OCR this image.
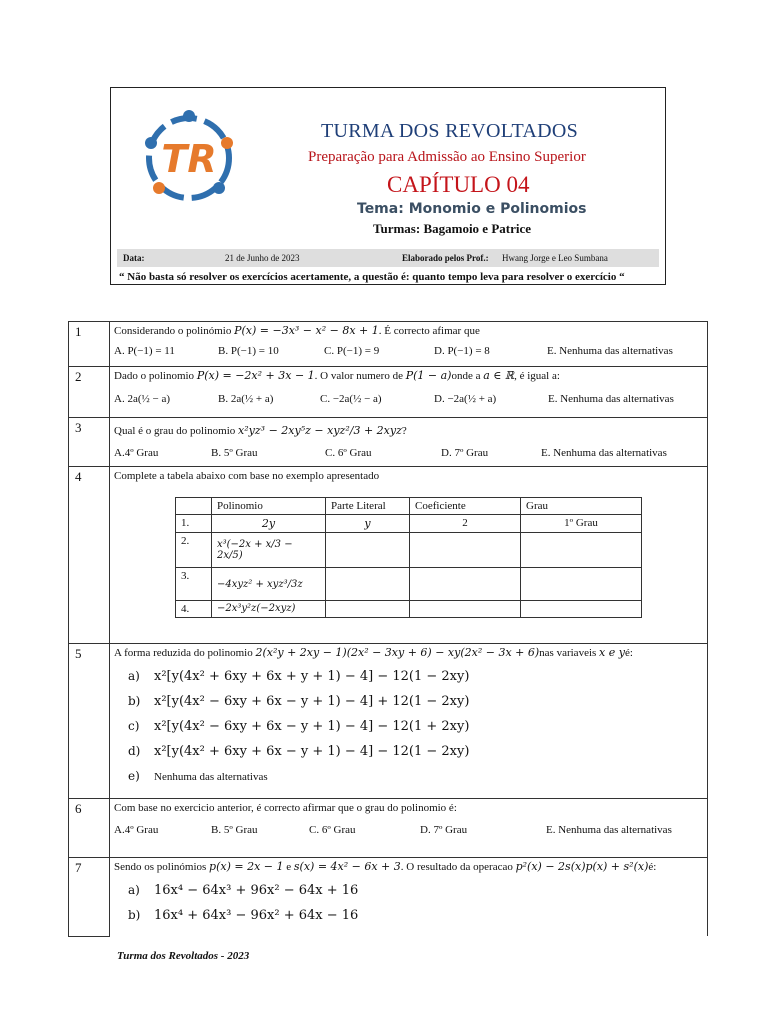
TR
TURMA DOS REVOLTADOS
Preparação para Admissão ao Ensino Superior
CAPÍTULO 04
Tema: Monomio e Polinomios
Turmas: Bagamoio e Patrice
Data:	21 de Junho de 2023	Elaborado pelos Prof.: Hwang Jorge e Leo Sumbana
“ Não basta só resolver os exercícios acertamente, a questão é: quanto tempo leva para resolver o exercício “
1	Considerando o polinómio P(x) = −3x³ − x² − 8x + 1. É correcto afimar que
A. P(−1) = 11	B. P(−1) = 10	C. P(−1) = 9	D. P(−1) = 8	E. Nenhuma das alternativas

2	Dado o polinomio P(x) = −2x² + 3x − 1. O valor numero de P(1 − a)onde a a ∈ ℝ, é igual a:
A. 2a(½ − a)	B. 2a(½ + a)	C. −2a(½ − a)	D. −2a(½ + a)	E. Nenhuma das alternativas

3	Qual é o grau do polinomio x²yz³ − 2xy⁵z − xyz²/3 + 2xyz?
A.4º Grau	B. 5º Grau	C. 6º Grau	D. 7º Grau	E. Nenhuma das alternativas

4	Complete a tabela abaixo com base no exemplo apresentado
	Polinomio	Parte Literal	Coeficiente	Grau
1.	2y	y	2	1º Grau
2.	x³(−2x + x/3 − 2x/5)			
3.	−4xyz² + xyz³/3z			
4.	−2x³y²z(−2xyz)			

5	A forma reduzida do polinomio 2(x²y + 2xy − 1)(2x² − 3xy + 6) − xy(2x² − 3x + 6)nas variaveis x e yé:
a) x²[y(4x² + 6xy + 6x + y + 1) − 4] − 12(1 − 2xy)
b) x²[y(4x² − 6xy + 6x − y + 1) − 4] + 12(1 − 2xy)
c) x²[y(4x² − 6xy + 6x − y + 1) − 4] − 12(1 + 2xy)
d) x²[y(4x² + 6xy + 6x − y + 1) − 4] − 12(1 − 2xy)
e) Nenhuma das alternativas

6	Com base no exercicio anterior, é correcto afirmar que o grau do polinomio é:
A.4º Grau	B. 5º Grau	C. 6º Grau	D. 7º Grau	E. Nenhuma das alternativas

7	Sendo os polinómios p(x) = 2x − 1 e s(x) = 4x² − 6x + 3. O resultado da operacao p²(x) − 2s(x)p(x) + s²(x)é:
a) 16x⁴ − 64x³ + 96x² − 64x + 16
b) 16x⁴ + 64x³ − 96x² + 64x − 16
Turma dos Revoltados - 2023
